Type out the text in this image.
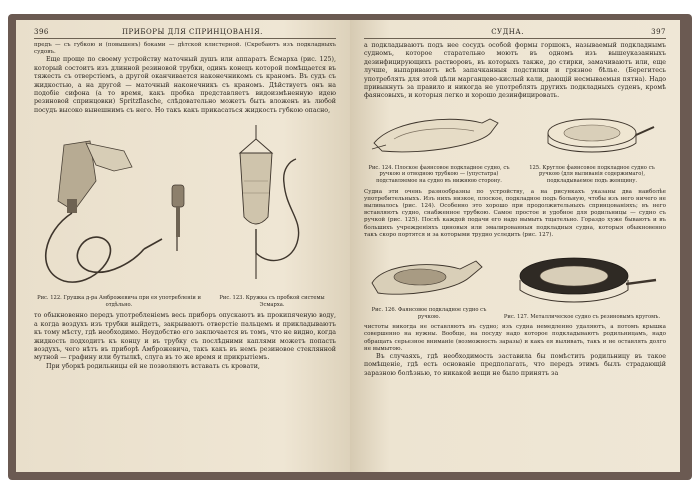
396	ПРИБОРЫ ДЛЯ СПРИНЦОВАНІЯ.

предъ — съ губкою и (повышенъ) боками — дѣтской клистерной. (Скребаютъ изъ подкладныхъ судовъ.

Еще проще по своему устройству маточный душъ или аппаратъ Éсмарха (рис. 125), который состоитъ изъ длинной резиновой трубки, одинъ конецъ которой помѣщается въ тяжесть съ отверстіемъ, а другой оканчивается наконечникомъ съ краномъ. Въ судъ съ жидкостью, а на другой — маточный наконечникъ съ краномъ. Дѣйствуетъ онъ на подобіе сифона (а то время, какъ пробка представляетъ видоизмѣненную идею резиновой спринцовки) Spritzflasche, слѣдовательно можетъ быть вложенъ въ любой посудъ высоко вынешнимъ съ него. Но такъ какъ прикасаться жидкость губкою опасно,

Рис. 122. Грушка д-ра Амброжевича при ея употребленіи и отдѣльно.
Рис. 123. Кружка съ пробкой системы Эсмарха.

то обыкновенно передъ употребленіемъ весь приборъ опускаютъ въ прокипяченую воду, а когда воздухъ изъ трубки выйдетъ, закрываютъ отверстіе пальцемъ и прикладываютъ къ тому мѣсту, гдѣ необходимо. Неудобство его заключается въ томъ, что не видно, когда жидкость подходитъ къ концу и въ трубку съ послѣдними каплями можетъ попасть воздухъ, чего нѣтъ въ приборѣ Амброжевича, такъ какъ въ немъ резиновое стеклянной мутной — графину или бутылкѣ, слуга въ то же время и прикрытіемъ.

При уборкѣ родильницы ей не позволяютъ вставать съ кровати,

СУДНА.	397

а подкладываютъ подъ нее сосудъ особой формы горшокъ, называемый подкладнымъ судномъ, которое старательно моютъ въ одномъ изъ вышеуказанныхъ дезинфицирующихъ растворовъ, въ которыхъ также, до стирки, замачиваютъ или, еще лучше, выпариваютъ всѣ запачканныя подстилки и грязное бѣлье. (Берегитесь употреблять для этой цѣли марганцево-кислый кали, дающій несмываемыя пятна). Надо привыкнуть за правило и никогда не употреблять другихъ подкладныхъ суденъ, кромѣ фаянсовыхъ, и которыя легко и хорошо дезинфицировать.

Рис. 124. Плоское фаянсовое подкладное судно, съ ручкою и отводною трубкою — (упустатра) подставляемое на судно въ нижнюю сторону.
125. Круглое фаянсовое подкладное судно съ ручкою (для выливанія содержимаго), подкладываемое подъ женщину.

Судна эти очень разнообразны по устройству, а на рисункахъ указаны два наиболѣе употребительныхъ. Изъ нихъ низкое, плоское, подкладное подъ больную, чтобы изъ него ничего не выливалось (рис. 124). Особенно это хорошо при продолжительныхъ спринцованіяхъ; въ него вставляютъ судно, снабженное трубкою. Самое простое и удобное для родильницы — судно съ ручкой (рис. 125). Послѣ каждой подачи его надо вымыть тщательно. Гораздо хуже бываютъ и въ большихъ учрежденіяхъ циновыя или эмалированныя подкладныя судна, которыя обыкновенно такъ скоро портятся и за которыми трудно уследить (рис. 127).

Рис. 126. Фаянсовое подкладное судно съ ручкою.	Рис. 127. Металлическое судно съ резиновымъ кругомъ.

чистоты никогда не оставляютъ въ судно; изъ судна немедленно удаляютъ, а потомъ крышка совершенно на нужны. Вообще, на посуду надо которое подкладываютъ родильницамъ, надо обращать серьезное вниманіе (возможность заразы) и какъ ея выливать, такъ и не оставлять долго не вымытою.

Въ случаяхъ, гдѣ необходимость заставила бы помѣстить родильницу въ такое помѣщеніе, гдѣ есть основаніе предполагать, что передъ этимъ былъ страдающій заразною болѣзнью, то никакой вещи не было принятъ за
